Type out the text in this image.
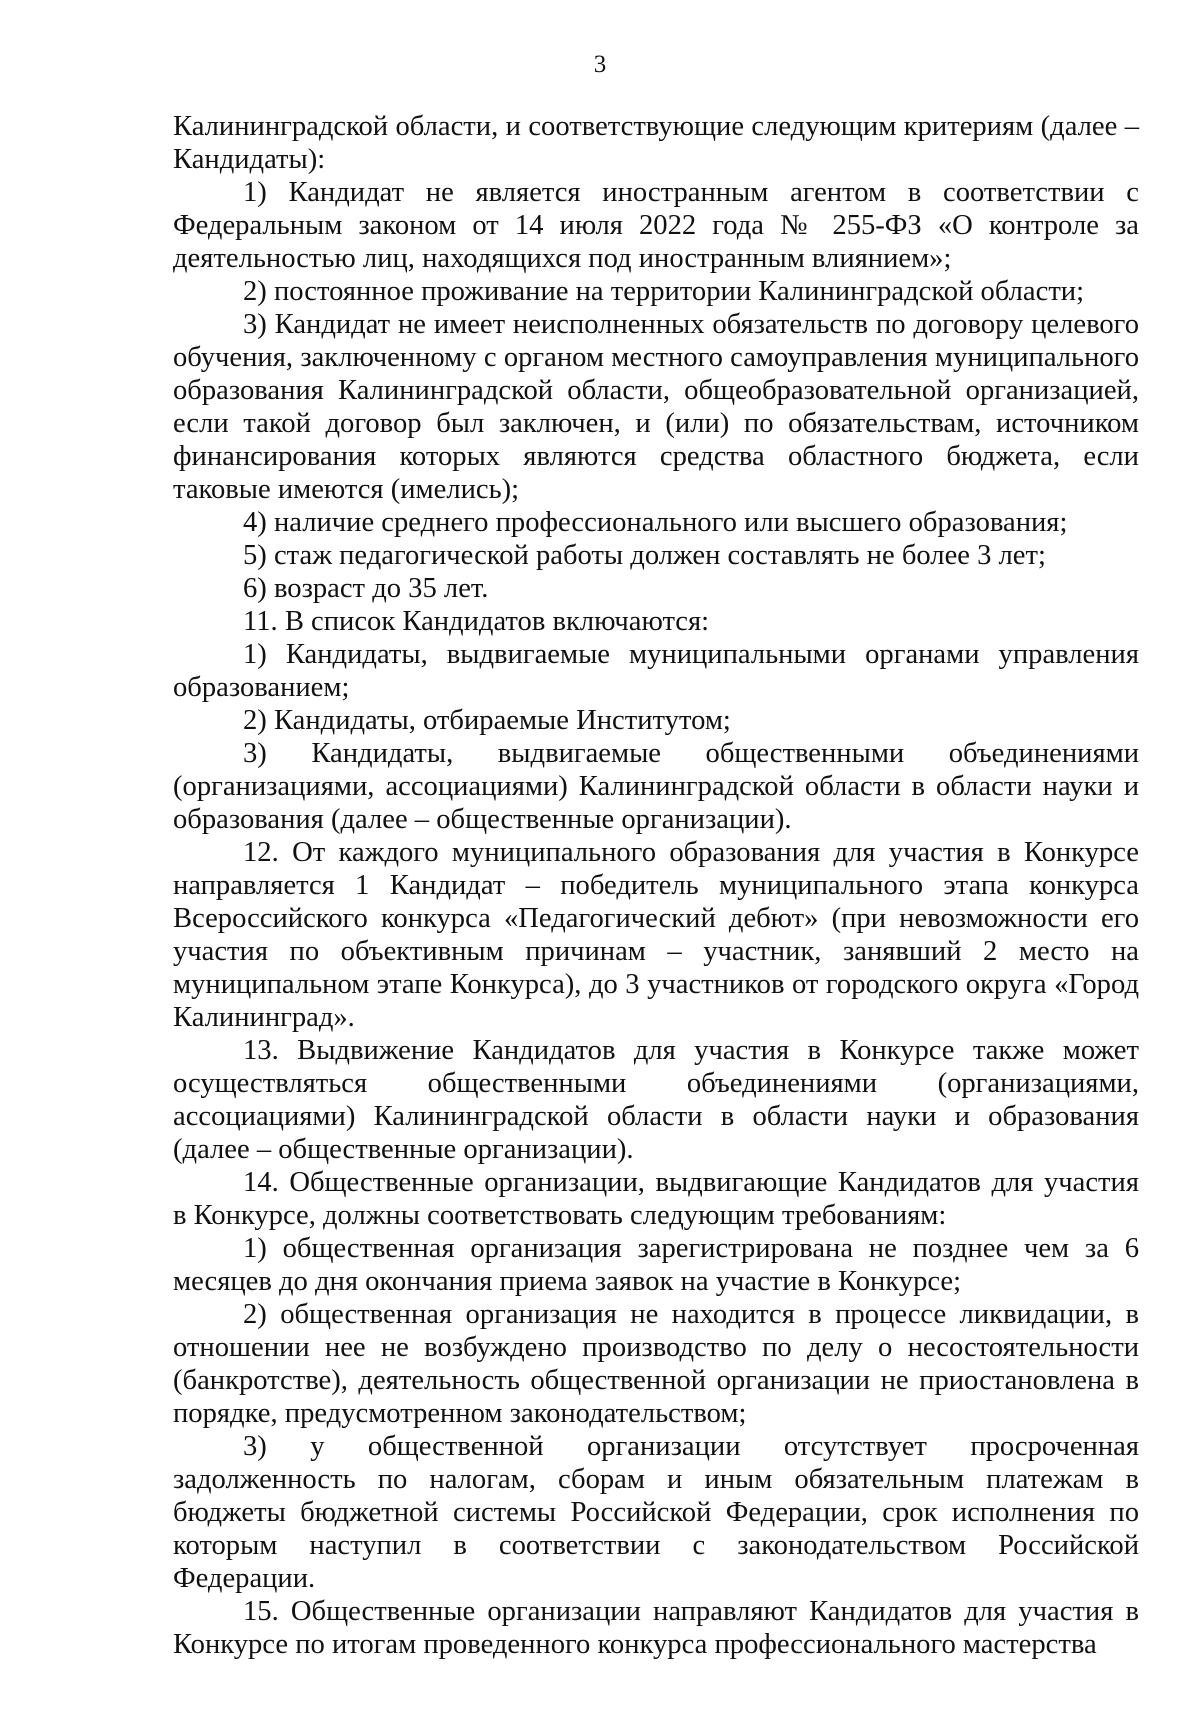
3

Калининградской области, и соответствующие следующим критериям (далее – Кандидаты):

1) Кандидат не является иностранным агентом в соответствии с Федеральным законом от 14 июля 2022 года № 255-ФЗ «О контроле за деятельностью лиц, находящихся под иностранным влиянием»;

2) постоянное проживание на территории Калининградской области;

3) Кандидат не имеет неисполненных обязательств по договору целевого обучения, заключенному с органом местного самоуправления муниципального образования Калининградской области, общеобразовательной организацией, если такой договор был заключен, и (или) по обязательствам, источником финансирования которых являются средства областного бюджета, если таковые имеются (имелись);

4) наличие среднего профессионального или высшего образования;

5) стаж педагогической работы должен составлять не более 3 лет;

6) возраст до 35 лет.

11. В список Кандидатов включаются:

1) Кандидаты, выдвигаемые муниципальными органами управления образованием;

2) Кандидаты, отбираемые Институтом;

3) Кандидаты, выдвигаемые общественными объединениями (организациями, ассоциациями) Калининградской области в области науки и образования (далее – общественные организации).

12. От каждого муниципального образования для участия в Конкурсе направляется 1 Кандидат – победитель муниципального этапа конкурса Всероссийского конкурса «Педагогический дебют» (при невозможности его участия по объективным причинам – участник, занявший 2 место на муниципальном этапе Конкурса), до 3 участников от городского округа «Город Калининград».

13. Выдвижение Кандидатов для участия в Конкурсе также может осуществляться общественными объединениями (организациями, ассоциациями) Калининградской области в области науки и образования (далее – общественные организации).

14. Общественные организации, выдвигающие Кандидатов для участия в Конкурсе, должны соответствовать следующим требованиям:

1) общественная организация зарегистрирована не позднее чем за 6 месяцев до дня окончания приема заявок на участие в Конкурсе;

2) общественная организация не находится в процессе ликвидации, в отношении нее не возбуждено производство по делу о несостоятельности (банкротстве), деятельность общественной организации не приостановлена в порядке, предусмотренном законодательством;

3) у общественной организации отсутствует просроченная задолженность по налогам, сборам и иным обязательным платежам в бюджеты бюджетной системы Российской Федерации, срок исполнения по которым наступил в соответствии с законодательством Российской Федерации.

15. Общественные организации направляют Кандидатов для участия в Конкурсе по итогам проведенного конкурса профессионального мастерства
